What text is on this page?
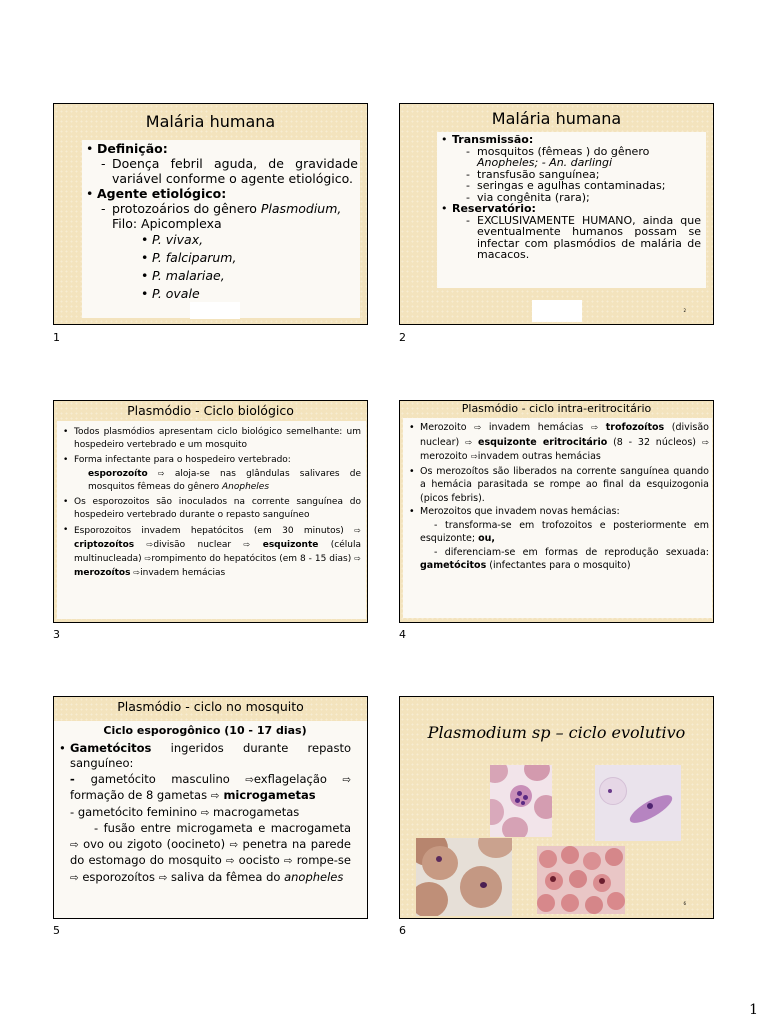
Malária humana
• Definição:
- Doença febril aguda, de gravidade variável conforme o agente etiológico.
• Agente etiológico:
- protozoários do gênero Plasmodium, Filo: Apicomplexa
• P. vivax,
• P. falciparum,
• P. malariae,
• P. ovale
1
Malária humana
• Transmissão:
- mosquitos (fêmeas ) do gênero
Anopheles; - An. darlingi
- transfusão sanguínea;
- seringas e agulhas contaminadas;
- via congênita (rara);
• Reservatório:
- EXCLUSIVAMENTE HUMANO, ainda que eventualmente humanos possam se infectar com plasmódios de malária de macacos.
2
2
Plasmódio - Ciclo biológico
• Todos plasmódios apresentam ciclo biológico semelhante: um hospedeiro vertebrado e um mosquito
• Forma infectante para o hospedeiro vertebrado:
esporozoíto ⇨ aloja-se nas glândulas salivares de mosquitos fêmeas do gênero Anopheles
• Os esporozoitos são inoculados na corrente sanguínea do hospedeiro vertebrado durante o repasto sanguíneo
• Esporozoitos invadem hepatócitos (em 30 minutos) ⇨ criptozoítos ⇨divisão nuclear ⇨ esquizonte (célula multinucleada) ⇨rompimento do hepatócitos (em 8 - 15 dias) ⇨ merozoítos ⇨invadem hemácias
3
Plasmódio - ciclo intra-eritrocitário
• Merozoito ⇨ invadem hemácias ⇨ trofozoítos (divisão nuclear) ⇨ esquizonte eritrocitário (8 - 32 núcleos) ⇨ merozoito ⇨invadem outras hemácias
• Os merozoítos são liberados na corrente sanguínea quando a hemácia parasitada se rompe ao final da esquizogonia (picos febris).
• Merozoitos que invadem novas hemácias:
- transforma-se em trofozoitos e posteriormente em esquizonte; ou,
- diferenciam-se em formas de reprodução sexuada: gametócitos (infectantes para o mosquito)
4
Plasmódio - ciclo no mosquito
Ciclo esporogônico (10 - 17 dias)
• Gametócitos ingeridos durante repasto sanguíneo:
- - gametócito masculino ⇨exflagelação ⇨ formação de 8 gametas ⇨ microgametas
- gametócito feminino ⇨ macrogametas
- fusão entre microgameta e macrogameta ⇨ ovo ou zigoto (oocineto) ⇨ penetra na parede do estomago do mosquito ⇨ oocisto ⇨ rompe-se ⇨ esporozoítos ⇨ saliva da fêmea do anopheles
5
Plasmodium sp – ciclo evolutivo
6
6
1
